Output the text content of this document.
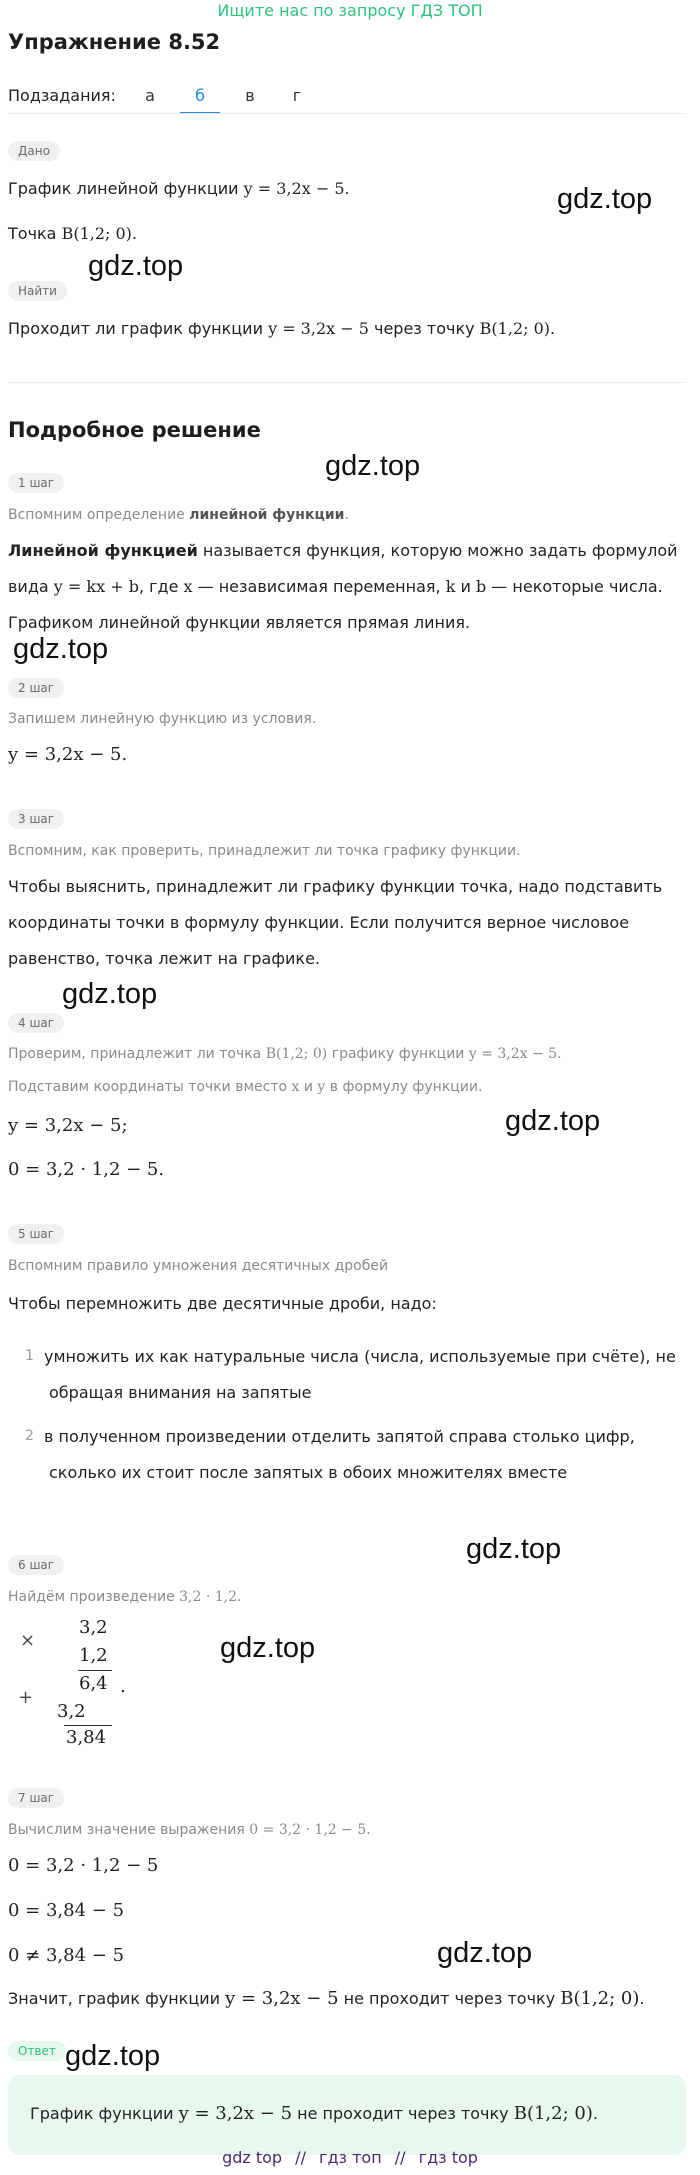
Ищите нас по запросу ГДЗ ТОП
Упражнение 8.52
Подзадания:	а	б	в	г
Дано
График линейной функции y = 3,2x − 5.
Точка B(1,2; 0).
Найти
Проходит ли график функции y = 3,2x − 5 через точку B(1,2; 0).
Подробное решение
1 шаг
Вспомним определение линейной функции.
Линейной функцией называется функция, которую можно задать формулой
вида y = kx + b, где x — независимая переменная, k и b — некоторые числа.
Графиком линейной функции является прямая линия.
2 шаг
Запишем линейную функцию из условия.
y = 3,2x − 5.
3 шаг
Вспомним, как проверить, принадлежит ли точка графику функции.
Чтобы выяснить, принадлежит ли графику функции точка, надо подставить
координаты точки в формулу функции. Если получится верное числовое
равенство, точка лежит на графике.
4 шаг
Проверим, принадлежит ли точка B(1,2; 0) графику функции y = 3,2x − 5.
Подставим координаты точки вместо x и y в формулу функции.
y = 3,2x − 5;
0 = 3,2 · 1,2 − 5.
5 шаг
Вспомним правило умножения десятичных дробей
Чтобы перемножить две десятичные дроби, надо:
1 умножить их как натуральные числа (числа, используемые при счёте), не
обращая внимания на запятые
2 в полученном произведении отделить запятой справа столько цифр,
сколько их стоит после запятых в обоих множителях вместе
6 шаг
Найдём произведение 3,2 · 1,2.
×
3,2
1,2
6,4 .
+
3,2
3,84
7 шаг
Вычислим значение выражения 0 = 3,2 · 1,2 − 5.
0 = 3,2 · 1,2 − 5
0 = 3,84 − 5
0 ≠ 3,84 − 5
Значит, график функции y = 3,2x − 5 не проходит через точку B(1,2; 0).
Ответ
График функции y = 3,2x − 5 не проходит через точку B(1,2; 0).
gdz.top
gdz.top
gdz.top
gdz.top
gdz.top
gdz.top
gdz.top
gdz.top
gdz.top
gdz.top
gdz top // гдз топ // гдз top
